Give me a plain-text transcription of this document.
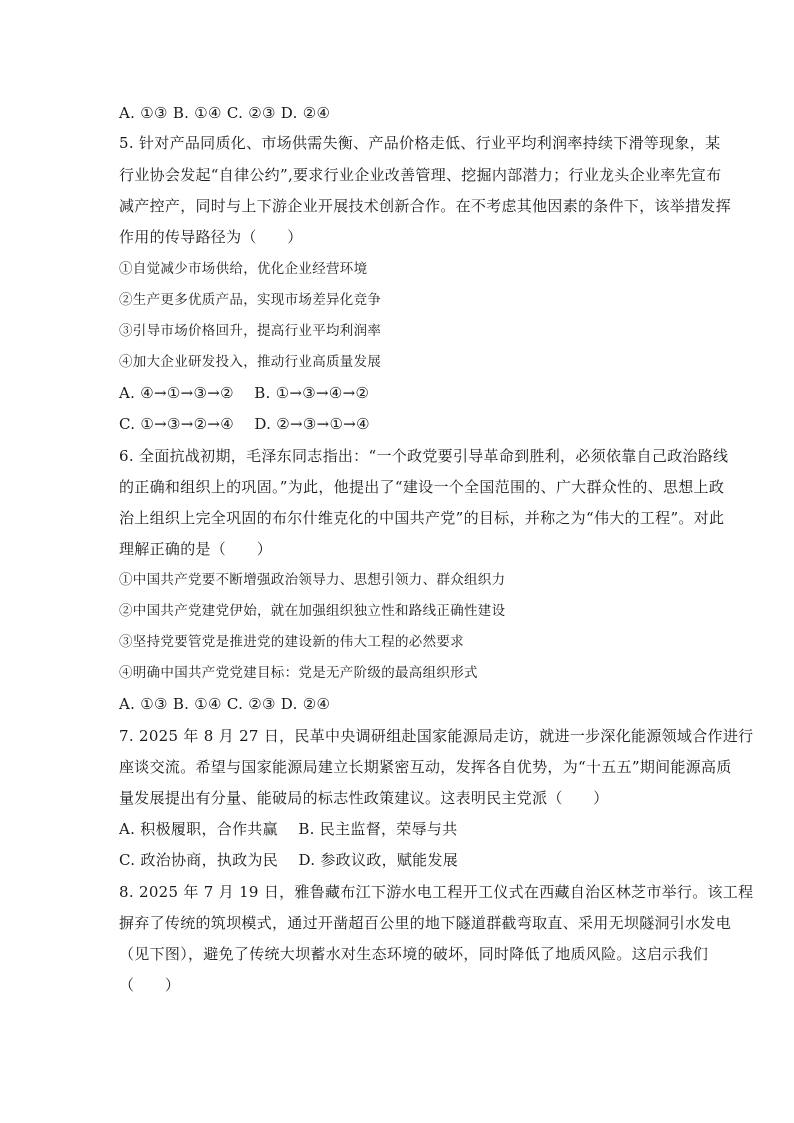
A. ①③ B. ①④ C. ②③ D. ②④
5. 针对产品同质化、市场供需失衡、产品价格走低、行业平均利润率持续下滑等现象，某
行业协会发起“自律公约”,要求行业企业改善管理、挖掘内部潜力；行业龙头企业率先宣布
减产控产，同时与上下游企业开展技术创新合作。在不考虑其他因素的条件下，该举措发挥
作用的传导路径为（　　）
①自觉减少市场供给，优化企业经营环境
②生产更多优质产品，实现市场差异化竞争
③引导市场价格回升，提高行业平均利润率
④加大企业研发投入，推动行业高质量发展
A. ④→①→③→②　 B. ①→③→④→②
C. ①→③→②→④　 D. ②→③→①→④
6. 全面抗战初期，毛泽东同志指出：“一个政党要引导革命到胜利，必须依靠自己政治路线
的正确和组织上的巩固。”为此，他提出了“建设一个全国范围的、广大群众性的、思想上政
治上组织上完全巩固的布尔什维克化的中国共产党”的目标，并称之为“伟大的工程”。对此
理解正确的是（　　）
①中国共产党要不断增强政治领导力、思想引领力、群众组织力
②中国共产党建党伊始，就在加强组织独立性和路线正确性建设
③坚持党要管党是推进党的建设新的伟大工程的必然要求
④明确中国共产党党建目标：党是无产阶级的最高组织形式
A. ①③ B. ①④ C. ②③ D. ②④
7. 2025 年 8 月 27 日，民革中央调研组赴国家能源局走访，就进一步深化能源领域合作进行
座谈交流。希望与国家能源局建立长期紧密互动，发挥各自优势，为“十五五”期间能源高质
量发展提出有分量、能破局的标志性政策建议。这表明民主党派（　　）
A. 积极履职，合作共赢　 B. 民主监督，荣辱与共
C. 政治协商，执政为民　 D. 参政议政，赋能发展
8. 2025 年 7 月 19 日，雅鲁藏布江下游水电工程开工仪式在西藏自治区林芝市举行。该工程
摒弃了传统的筑坝模式，通过开凿超百公里的地下隧道群截弯取直、采用无坝隧洞引水发电
（见下图），避免了传统大坝蓄水对生态环境的破坏，同时降低了地质风险。这启示我们
（　　）
